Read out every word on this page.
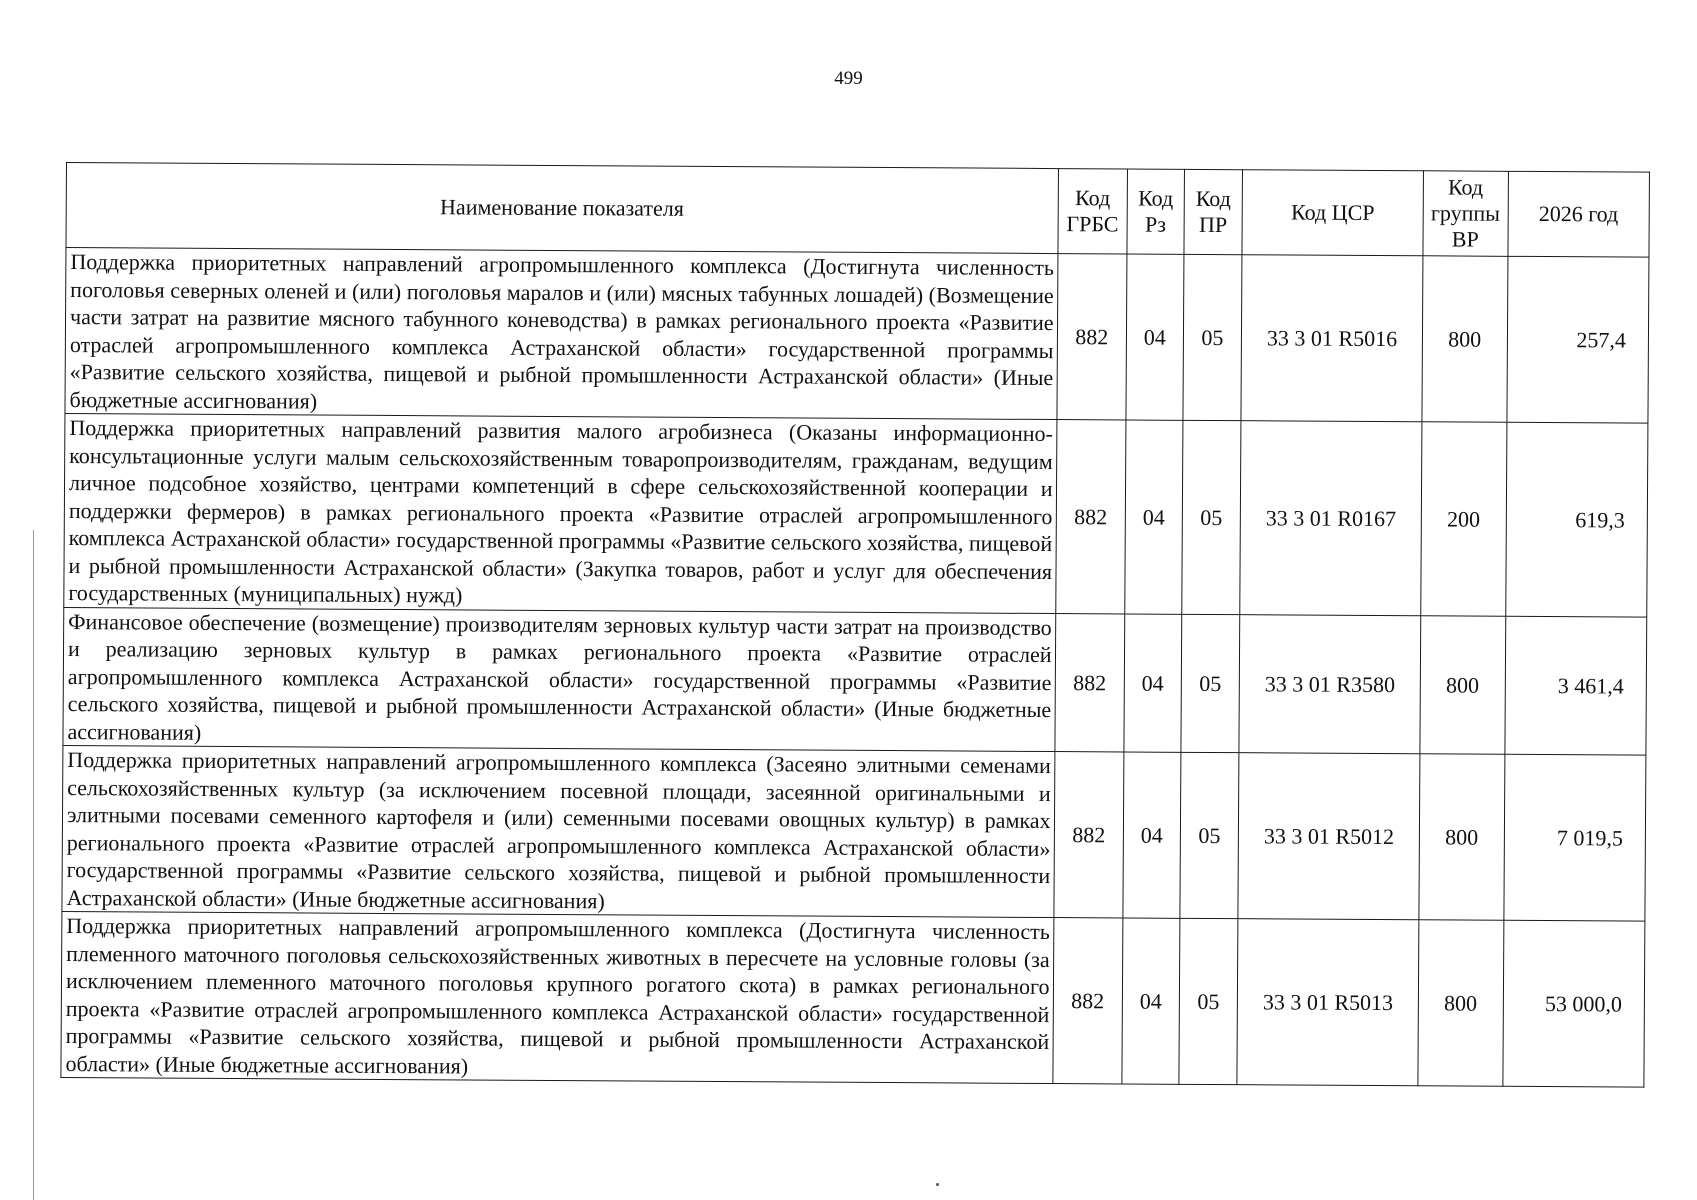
499
Наименование показателя	Код ГРБС	Код Рз	Код ПР	Код ЦСР	Код группы ВР	2026 год
Поддержка приоритетных направлений агропромышленного комплекса (Достигнута численность поголовья северных оленей и (или) поголовья маралов и (или) мясных табунных лошадей) (Возмещение части затрат на развитие мясного табунного коневодства) в рамках регионального проекта «Развитие отраслей агропромышленного комплекса Астраханской области» государственной программы «Развитие сельского хозяйства, пищевой и рыбной промышленности Астраханской области» (Иные бюджетные ассигнования)	882	04	05	33 3 01 R5016	800	257,4
Поддержка приоритетных направлений развития малого агробизнеса (Оказаны информационно-консультационные услуги малым сельскохозяйственным товаропроизводителям, гражданам, ведущим личное подсобное хозяйство, центрами компетенций в сфере сельскохозяйственной кооперации и поддержки фермеров) в рамках регионального проекта «Развитие отраслей агропромышленного комплекса Астраханской области» государственной программы «Развитие сельского хозяйства, пищевой и рыбной промышленности Астраханской области» (Закупка товаров, работ и услуг для обеспечения государственных (муниципальных) нужд)	882	04	05	33 3 01 R0167	200	619,3
Финансовое обеспечение (возмещение) производителям зерновых культур части затрат на производство и реализацию зерновых культур в рамках регионального проекта «Развитие отраслей агропромышленного комплекса Астраханской области» государственной программы «Развитие сельского хозяйства, пищевой и рыбной промышленности Астраханской области» (Иные бюджетные ассигнования)	882	04	05	33 3 01 R3580	800	3 461,4
Поддержка приоритетных направлений агропромышленного комплекса (Засеяно элитными семенами сельскохозяйственных культур (за исключением посевной площади, засеянной оригинальными и элитными посевами семенного картофеля и (или) семенными посевами овощных культур) в рамках регионального проекта «Развитие отраслей агропромышленного комплекса Астраханской области» государственной программы «Развитие сельского хозяйства, пищевой и рыбной промышленности Астраханской области» (Иные бюджетные ассигнования)	882	04	05	33 3 01 R5012	800	7 019,5
Поддержка приоритетных направлений агропромышленного комплекса (Достигнута численность племенного маточного поголовья сельскохозяйственных животных в пересчете на условные головы (за исключением племенного маточного поголовья крупного рогатого скота) в рамках регионального проекта «Развитие отраслей агропромышленного комплекса Астраханской области» государственной программы «Развитие сельского хозяйства, пищевой и рыбной промышленности Астраханской области» (Иные бюджетные ассигнования)	882	04	05	33 3 01 R5013	800	53 000,0
